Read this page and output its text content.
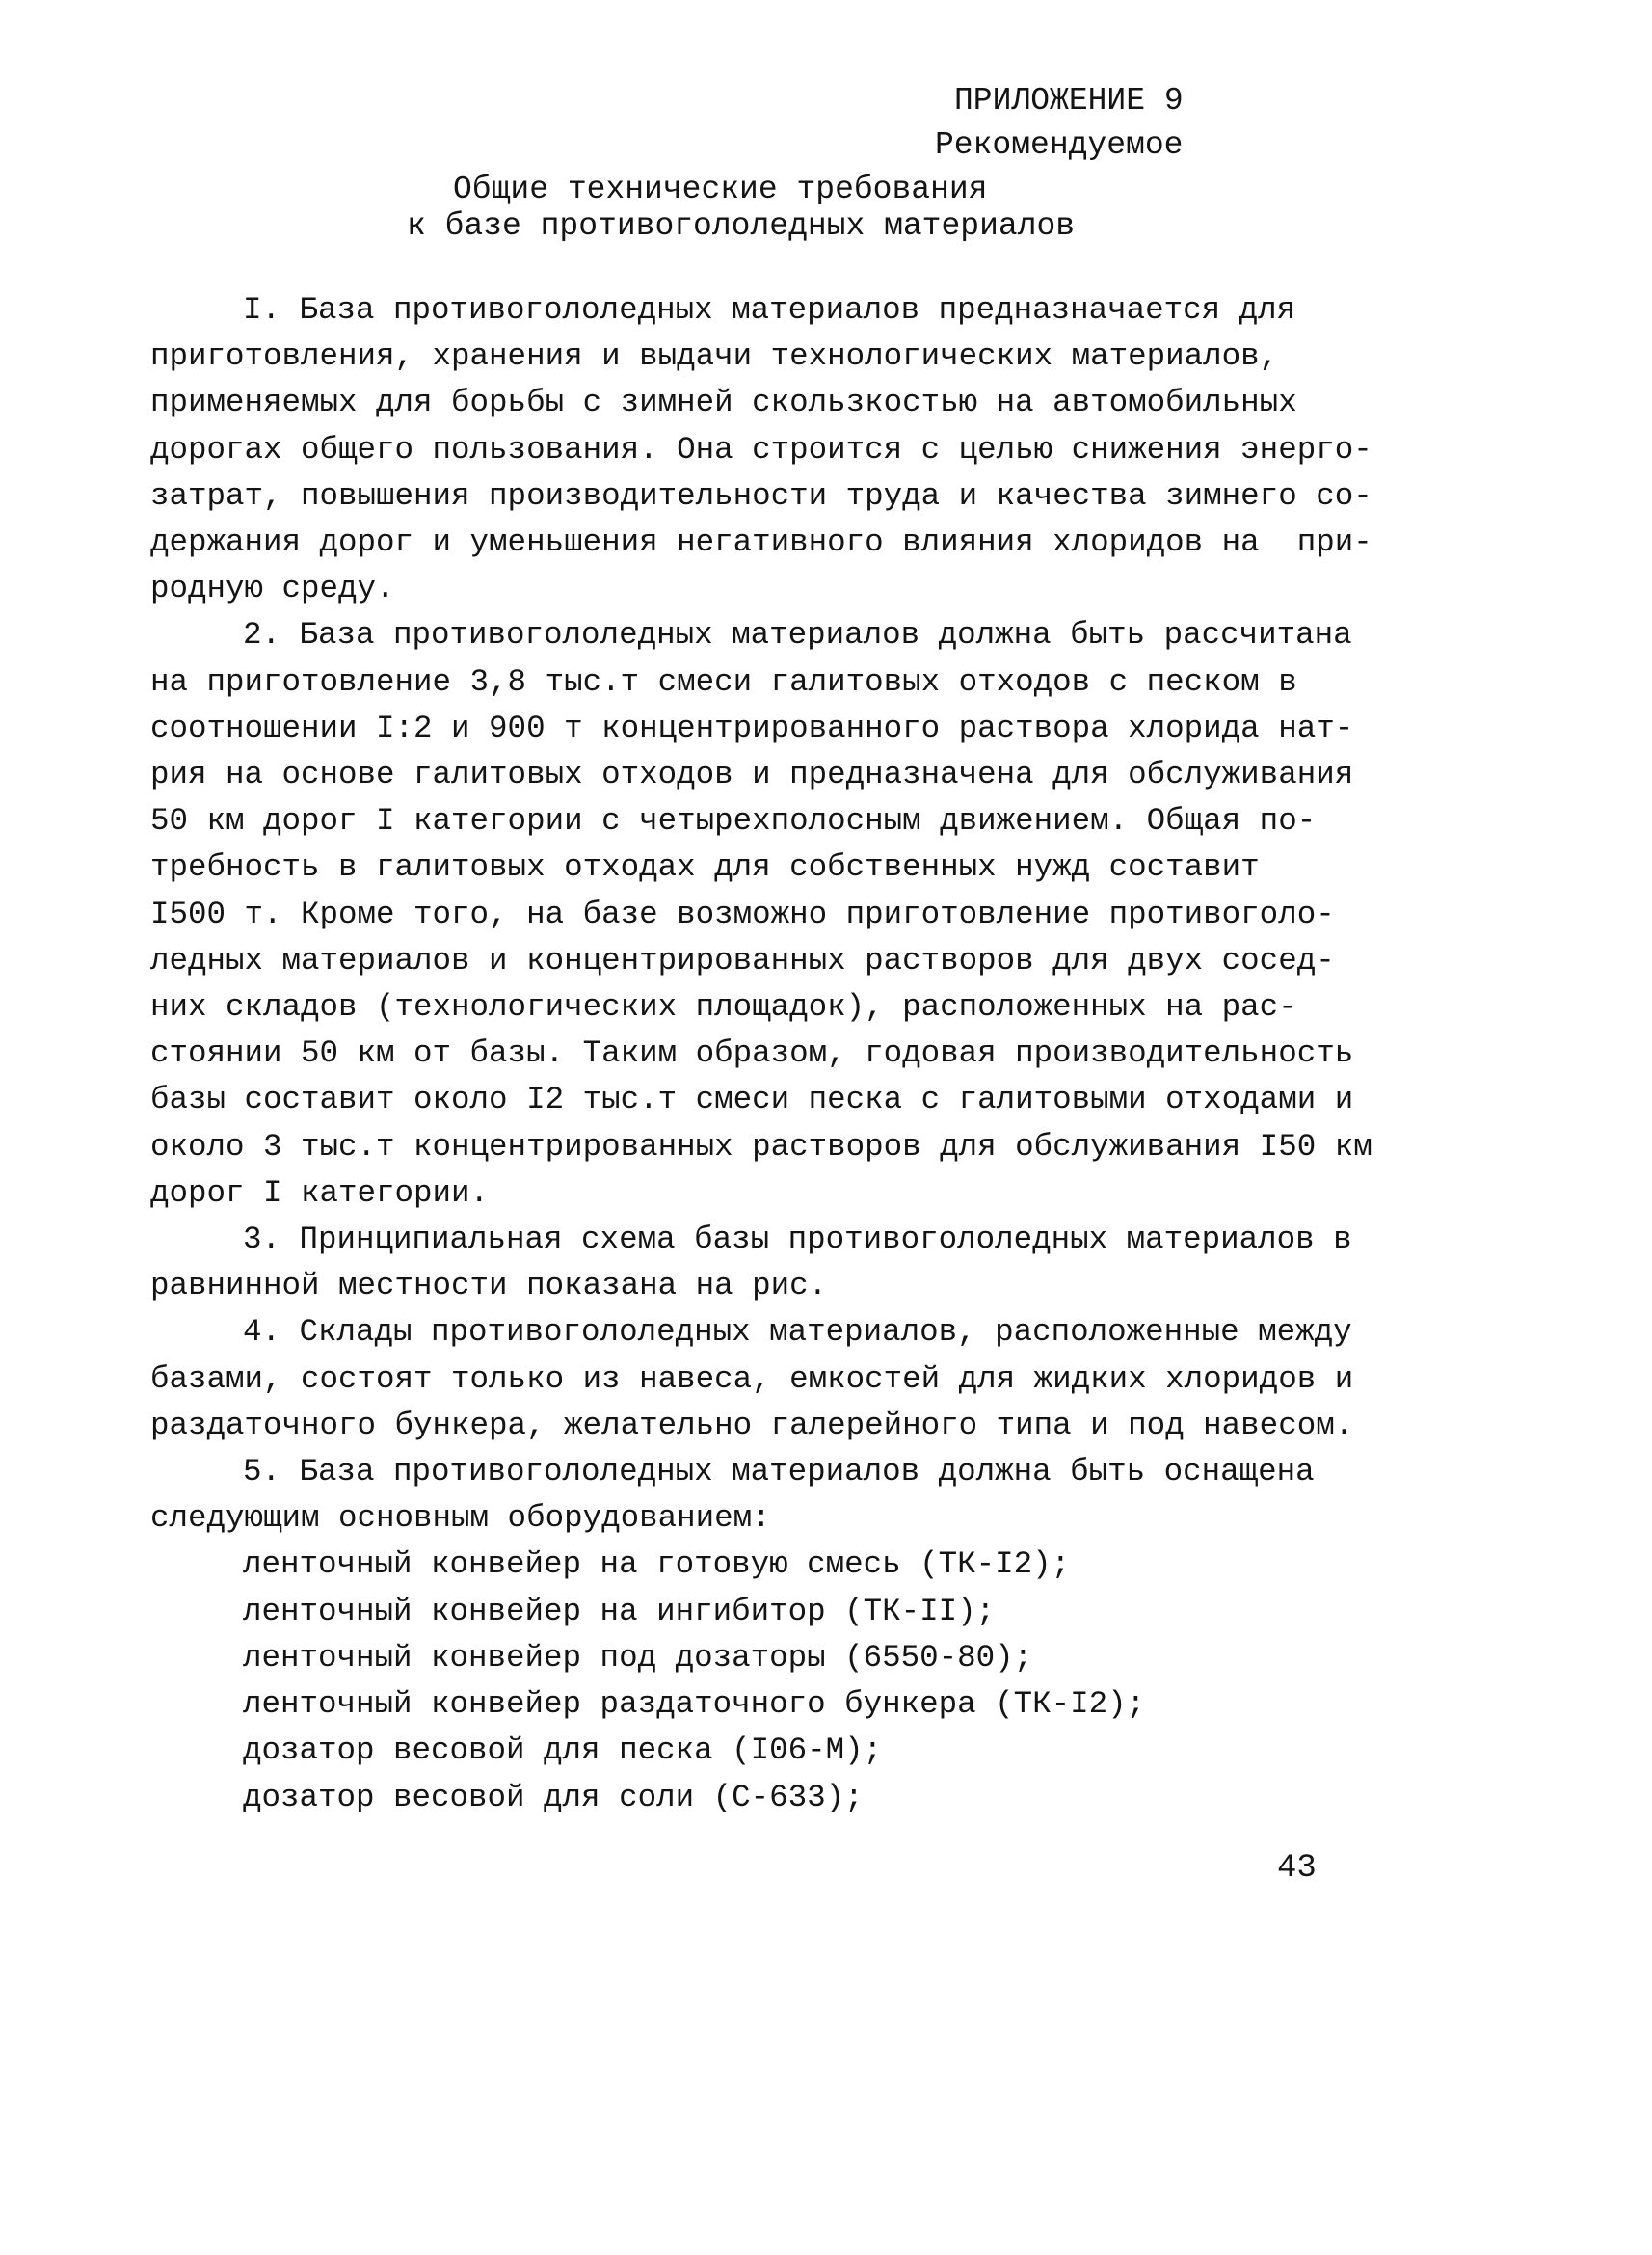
ПРИЛОЖЕНИЕ 9
Рекомендуемое
Общие технические требования
к базе противогололедных материалов
I. База противогололедных материалов предназначается для
приготовления, хранения и выдачи технологических материалов,
применяемых для борьбы с зимней скользкостью на автомобильных
дорогах общего пользования. Она строится с целью снижения энерго-
затрат, повышения производительности труда и качества зимнего со-
держания дорог и уменьшения негативного влияния хлоридов на  при-
родную среду.
2. База противогололедных материалов должна быть рассчитана
на приготовление 3,8 тыс.т смеси галитовых отходов с песком в
соотношении I:2 и 900 т концентрированного раствора хлорида нат-
рия на основе галитовых отходов и предназначена для обслуживания
50 км дорог I категории с четырехполосным движением. Общая по-
требность в галитовых отходах для собственных нужд составит
I500 т. Кроме того, на базе возможно приготовление противоголо-
ледных материалов и концентрированных растворов для двух сосед-
них складов (технологических площадок), расположенных на рас-
стоянии 50 км от базы. Таким образом, годовая производительность
базы составит около I2 тыс.т смеси песка с галитовыми отходами и
около 3 тыс.т концентрированных растворов для обслуживания I50 км
дорог I категории.
3. Принципиальная схема базы противогололедных материалов в
равнинной местности показана на рис.
4. Склады противогололедных материалов, расположенные между
базами, состоят только из навеса, емкостей для жидких хлоридов и
раздаточного бункера, желательно галерейного типа и под навесом.
5. База противогололедных материалов должна быть оснащена
следующим основным оборудованием:
ленточный конвейер на готовую смесь (ТК-I2);
ленточный конвейер на ингибитор (ТК-II);
ленточный конвейер под дозаторы (6550-80);
ленточный конвейер раздаточного бункера (ТК-I2);
дозатор весовой для песка (I06-М);
дозатор весовой для соли (С-633);
43
